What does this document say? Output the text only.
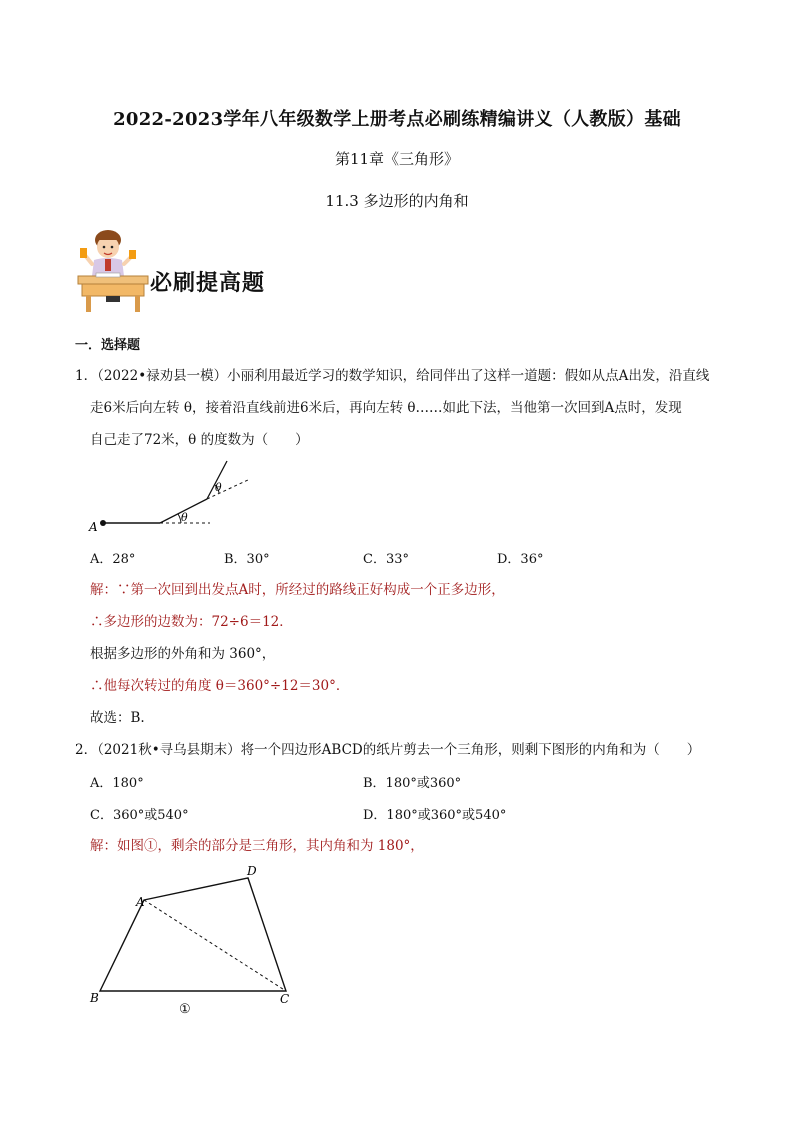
2022-2023学年八年级数学上册考点必刷练精编讲义（人教版）基础
第11章《三角形》
11.3 多边形的内角和
必刷提高题
一．选择题
1．（2022•禄劝县一模）小丽利用最近学习的数学知识，给同伴出了这样一道题：假如从点A出发，沿直线
走6米后向左转 θ，接着沿直线前进6米后，再向左转 θ……如此下法，当他第一次回到A点时，发现
自己走了72米，θ 的度数为（　　）
A
θ
θ
A．28°	B．30°	C．33°	D．36°
解：∵第一次回到出发点A时，所经过的路线正好构成一个正多边形，
∴多边形的边数为：72÷6＝12．
根据多边形的外角和为 360°，
∴他每次转过的角度 θ＝360°÷12＝30°．
故选：B.
2．（2021秋•寻乌县期末）将一个四边形ABCD的纸片剪去一个三角形，则剩下图形的内角和为（　　）
A．180°	B．180°或360°
C．360°或540°	D．180°或360°或540°
解：如图①，剩余的部分是三角形，其内角和为 180°，
A
D
B	C
①
